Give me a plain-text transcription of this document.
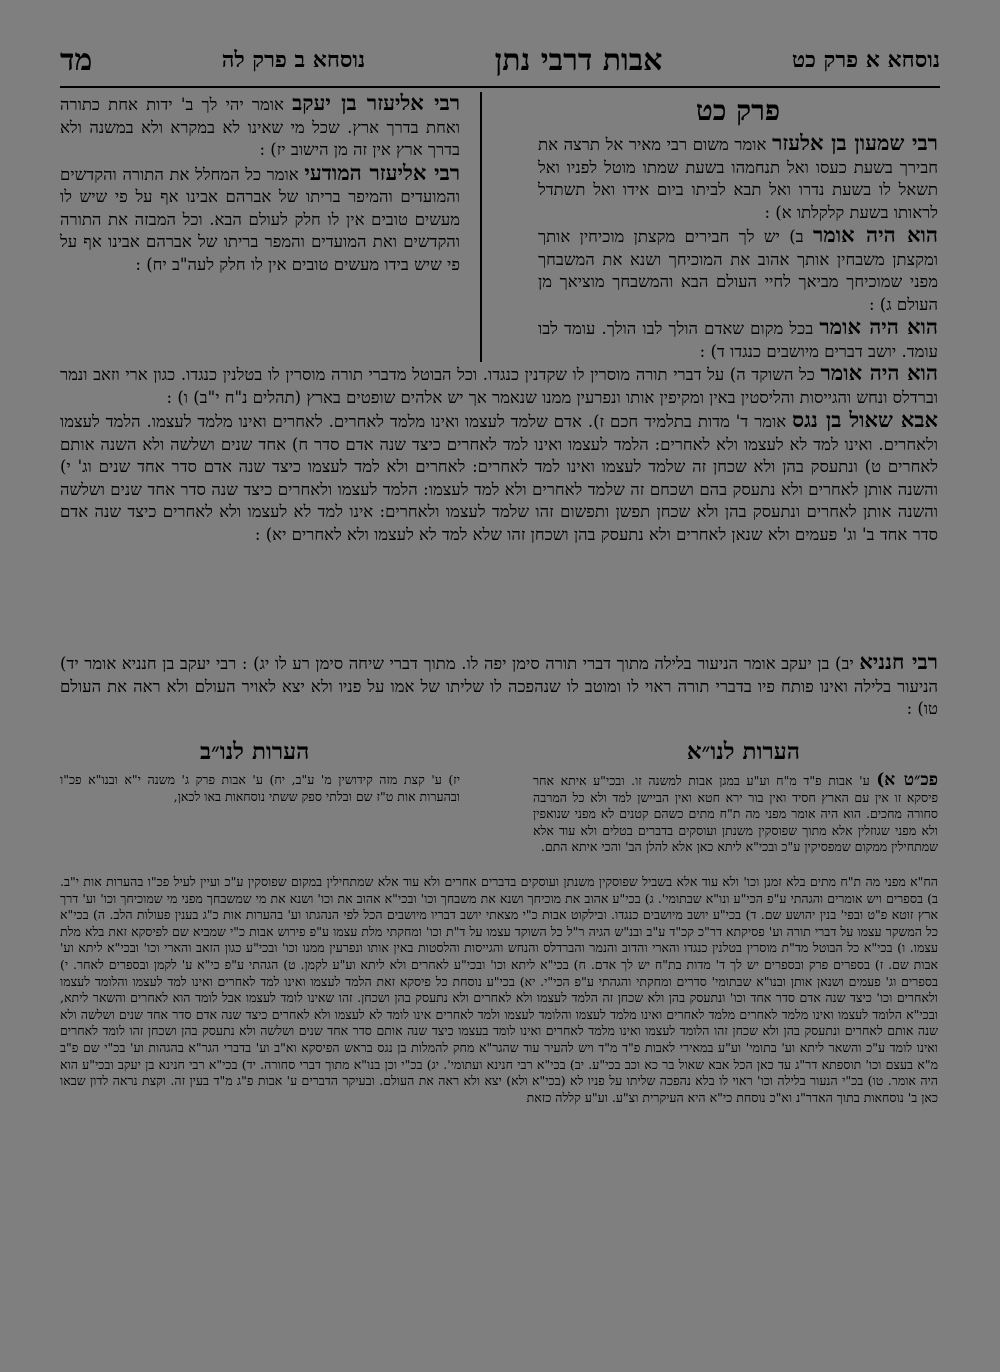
נוסחא א פרק כט
אבות דרבי נתן
נוסחא ב פרק לה
מד
פרק כט

רבי שמעון בן אלעזר אומר משום רבי מאיר אל תרצה את חבירך בשעת כעסו ואל תנחמהו בשעת שמתו מוטל לפניו ואל תשאל לו בשעת נדרו ואל תבא לביתו ביום אידו ואל תשתדל לראותו בשעת קלקלתו א) :

הוא היה אומר ב) יש לך חבירים מקצתן מוכיחין אותך ומקצתן משבחין אותך אהוב את המוכיחך ושנא את המשבחך מפני שמוכיחך מביאך לחיי העולם הבא והמשבחך מוציאך מן העולם ג) :

הוא היה אומר בכל מקום שאדם הולך לבו הולך. עומד לבו עומד. יושב דברים מיושבים כנגדו ד) :

רבי אליעזר בן יעקב אומר יהי לך ב' ידות אחת כתורה ואחת בדרך ארץ. שכל מי שאינו לא במקרא ולא במשנה ולא בדרך ארץ אין זה מן הישוב יז) :

רבי אליעזר המודעי אומר כל המחלל את התורה והקדשים והמועדים והמיפר בריתו של אברהם אבינו אף על פי שיש לו מעשים טובים אין לו חלק לעולם הבא. וכל המבזה את התורה והקדשים ואת המועדים והמפר בריתו של אברהם אבינו אף על פי שיש בידו מעשים טובים אין לו חלק לעה"ב יח) :

הוא היה אומר כל השוקד ה) על דברי תורה מוסרין לו שקדנין כנגדו. וכל הבוטל מדברי תורה מוסרין לו בטלנין כנגדו. כגון ארי וזאב ונמר וברדלס ונחש והגייסות והליסטין באין ומקיפין אותו ונפרעין ממנו שנאמר אך יש אלהים שופטים בארץ (תהלים נ"ח י"ב) ו) :

אבא שאול בן נגס אומר ד' מדות בתלמיד חכם ז). אדם שלמד לעצמו ואינו מלמד לאחרים. לאחרים ואינו מלמד לעצמו. הלמד לעצמו ולאחרים. ואינו למד לא לעצמו ולא לאחרים: הלמד לעצמו ואינו למד לאחרים כיצד שנה אדם סדר ח) אחד שנים ושלשה ולא השנה אותם לאחרים ט) ונתעסק בהן ולא שכחן זה שלמד לעצמו ואינו למד לאחרים: לאחרים ולא למד לעצמו כיצד שנה אדם סדר אחד שנים וג' י) והשנה אותן לאחרים ולא נתעסק בהם ושכחם זה שלמד לאחרים ולא למד לעצמו: הלמד לעצמו ולאחרים כיצד שנה סדר אחד שנים ושלשה והשנה אותן לאחרים ונתעסק בהן ולא שכחן תפשן ותפשום זהו שלמד לעצמו ולאחרים: אינו למד לא לעצמו ולא לאחרים כיצד שנה אדם סדר אחד ב' וג' פעמים ולא שנאן לאחרים ולא נתעסק בהן ושכחן זהו שלא למד לא לעצמו ולא לאחרים יא) :

רבי חנניא יב) בן יעקב אומר הניעור בלילה מתוך דברי תורה סימן יפה לו. מתוך דברי שיחה סימן רע לו יג) : רבי יעקב בן חנניא אומר יד) הניעור בלילה ואינו פותח פיו בדברי תורה ראוי לו ומוטב לו שנהפכה לו שליתו של אמו על פניו ולא יצא לאויר העולם ולא ראה את העולם טו) :

הערות לנו״א
הערות לנו״ב

פכ״ט א) ע' אבות פ"ד מ"ח וע"ע במגן אבות למשנה זו. ובכי"ע איתא אחר פיסקא זו אין עם הארץ חסיד ואין בור ירא חטא ואין הביישן למד ולא כל המרבה סחורה מחכים. הוא היה אומר מפני מה ת"ח מתים כשהם קטנים לא מפני שנואפין ולא מפני שגוזלין אלא מתוך שפוסקין משנתן ועוסקים בדברים בטלים ולא עוד אלא שמתחילין ממקום שמפסיקין ע"כ ובכי"א ליתא כאן אלא להלן הב' והכי איתא התם.

יז) ע' קצת מזה קידושין מ' ע"ב, יח) ע' אבות פרק ג' משנה י"א ובנו"א פכ"ו ובהערות אות ט"ז שם ובלתי ספק ששתי נוסחאות באו לכאן,

הח"א מפני מה ת"ח מתים בלא זמנן וכו' ולא עוד אלא בשביל שפוסקין משנתן ועוסקים בדברים אחרים ולא עוד אלא שמתחילין במקום שפוסקין ע"כ ועיין לעיל פכ"ו בהערות אות י"ב. ב) בספרים ויש אומרים והגהתי ע"פ הכי"ע ונו"א שבתומי'. ג) בכי"ע אהוב את מוכיחך ושנא את משבחך וכו' ובכי"א אהוב את וכו' ושנא את מי שמשבחך מפני מי שמוכיחך וכו' וע' דרך ארץ זוטא פ"ט ובפי' בנין יהושע שם. ד) בכי"ע יושב מיושבים כנגדו. ובילקוט אבות כ"י מצאתי יושב דבריו מיושבים הכל לפי הנהגתו וע' בהערות אות כ"ג בענין פעולות הלב. ה) בכי"א כל המשקר עצמו על דברי תורה וע' פסיקתא דר"כ קכ"ד ע"ב ובנ"ש הגיה ר"ל כל השוקד עצמו על ד"ת וכו' ומחקתי מלת עצמו ע"פ פירוש אבות כ"י שמביא שם לפיסקא זאת בלא מלת עצמו. ו) בכי"א כל הבוטל מד"ת מוסרין בטלנין כנגדו והארי והדוב והנמר והברדלס והנחש והגייסות והלסטות באין אותו ונפרעין ממנו וכו' ובכי"ע כגון הזאב והארי וכו' ובכי"א ליתא וע' אבות שם. ז) בספרים פרק ובספרים יש לך ד' מדות בת"ח יש לך אדם. ח) בכי"א ליתא וכו' ובכי"ע לאחרים ולא ליתא וע"ע לקמן. ט) הגהתי ע"פ כי"א ע' לקמן ובספרים לאחר. י) בספרים וג' פעמים ושנאן אותן ובנו"א שבתומי' סדרים ומחקתי והגהתי ע"פ הכי"י. יא) בכי"ע נוסחת כל פיסקא זאת הלמד לעצמו ואינו למד לאחרים ואינו למד לעצמו והלומד לעצמו ולאחרים וכו' כיצד שנה אדם סדר אחד וכו' ונתעסק בהן ולא שכחן זה הלמד לעצמו ולא לאחרים ולא נתעסק בהן ושכחן. זהו שאינו לומד לעצמו אבל לומד הוא לאחרים והשאר ליתא, ובכי"א הלומד לעצמו ואינו מלמד לאחרים מלמד לאחרים ואינו מלמד לעצמו והלומד לעצמו ולמד לאחרים אינו לומד לא לעצמו ולא לאחרים כיצד שנה אדם סדר אחד שנים ושלשה ולא שנה אותם לאחרים ונתעסק בהן ולא שכחן זהו הלומד לעצמו ואינו מלמד לאחרים ואינו לומד בעצמו כיצד שנה אותם סדר אחד שנים ושלשה ולא נתעסק בהן ושכחן זהו לומד לאחרים ואינו לומד ע"כ והשאר ליתא וע' בתומי' וע"ע במאירי לאבות פ"ד מ"ד ויש להעיר עוד שהגר"א מחק להמלות בן נגס בראש הפיסקא וא"ב וע' בדברי הגר"א בהגהות וע' בכ"י שם פ"ב מ"א בעצם וכו' תוספתא דר"ג עד כאן הכל אבא שאול בר כא וכב בכי"ע. יב) בכי"א רבי חנינא ועתומי'. יג) בכ"י וכן בנו"א מתוך דברי סחורה. יד) בכי"א רבי חנינא בן יעקב ובכי"ע הוא היה אומר. טו) בכ"י הנעור בלילה וכו' ראוי לו בלא נהפכה שליתו על פניו לא (בכי"א ולא) יצא ולא ראה את העולם. ובעיקר הדברים ע' אבות פ"ג מ"ד בעין זה. וקצת נראה לדון שבאו כאן ב' נוסחאות בתוך האדר"נ וא"כ נוסחת כי"א היא העיקרית וצ"ע. וע"ע קללה כזאת
